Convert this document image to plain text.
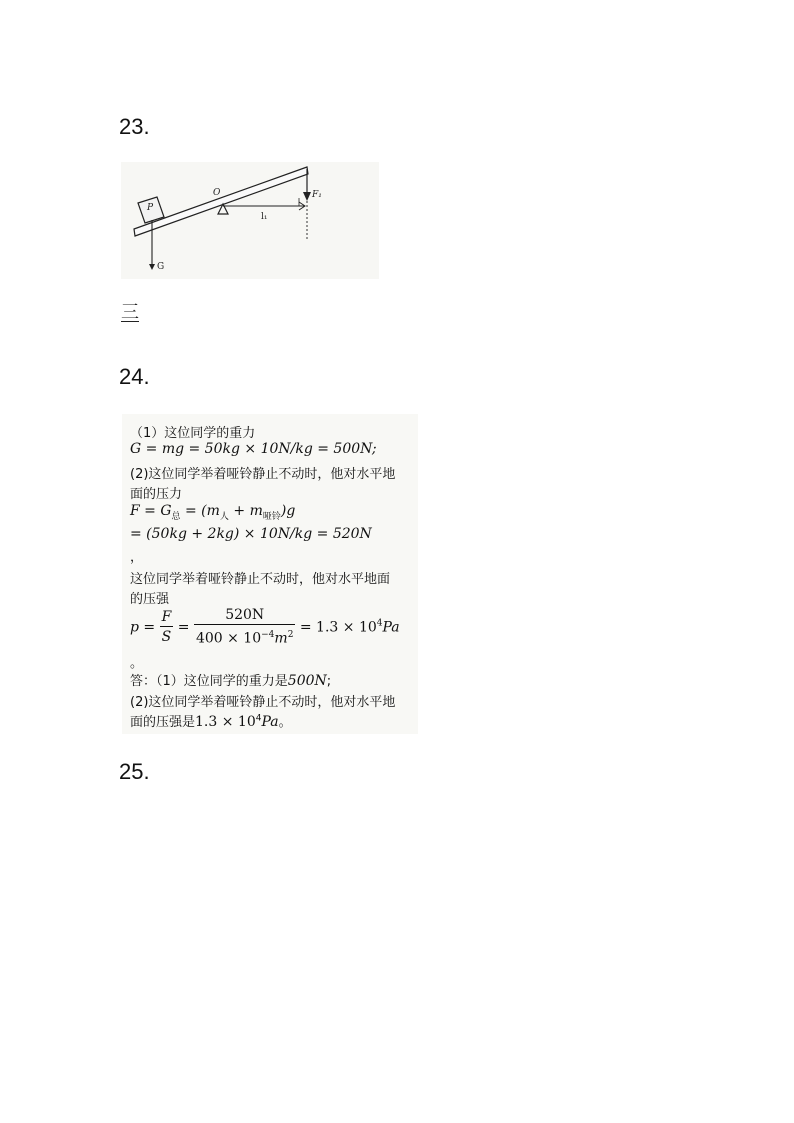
23.
O
P
F₁
l₁
G
三
24.
（1）这位同学的重力
G = mg = 50kg × 10N/kg = 500N;
(2)这位同学举着哑铃静止不动时，他对水平地
面的压力
$F = G_总 = (m_人 + m_{哑铃})g$
= (50kg + 2kg) × 10N/kg = 520N
，
这位同学举着哑铃静止不动时，他对水平地面
的压强
$p = \frac{F}{S} = \frac{520N}{400 \times 10^{-4}m^2} = 1.3 \times 10^4Pa$
。
答：（1）这位同学的重力是500N;
(2)这位同学举着哑铃静止不动时，他对水平地
面的压强是$1.3 \times 10^4Pa$。
25.
